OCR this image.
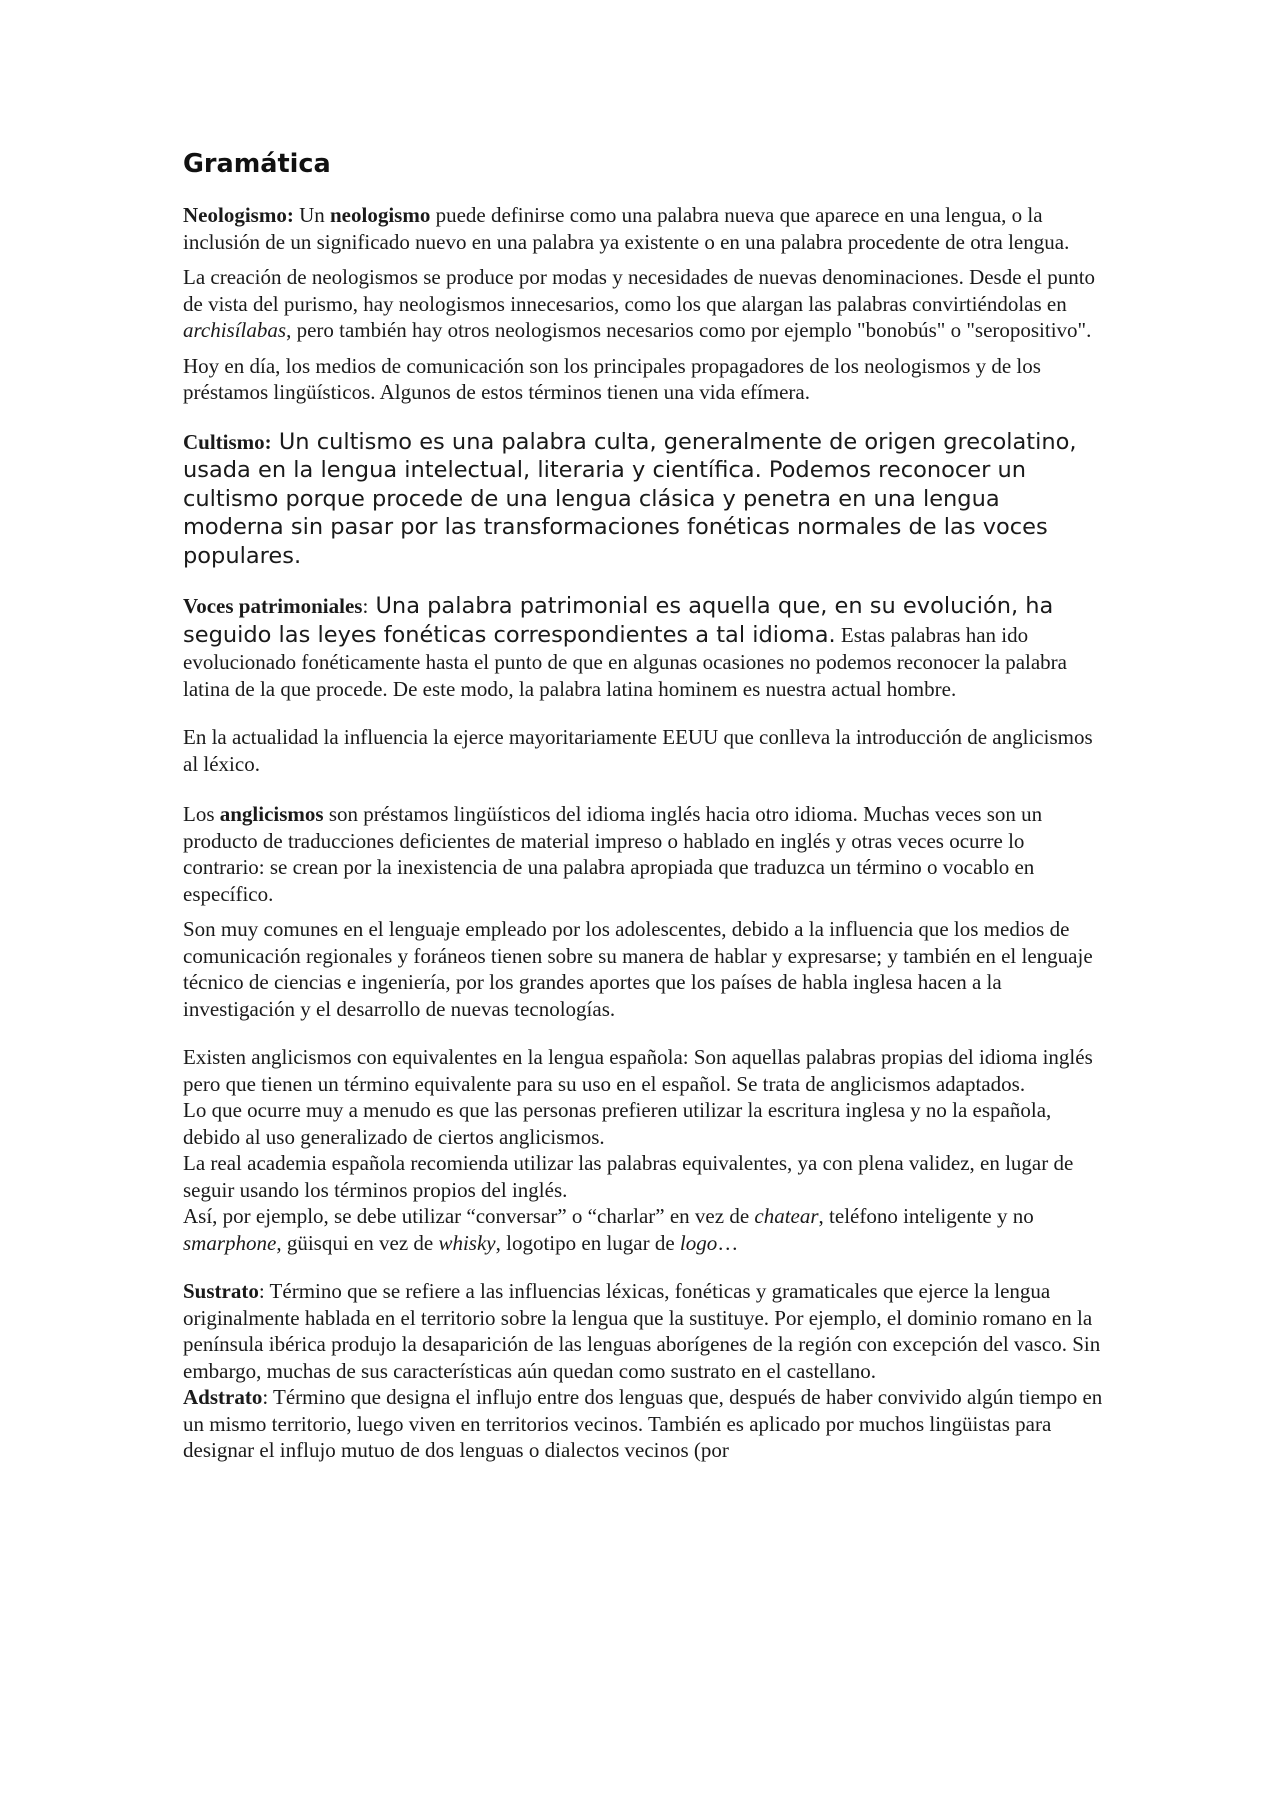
Gramática

Neologismo: Un neologismo puede definirse como una palabra nueva que aparece en una lengua, o la inclusión de un significado nuevo en una palabra ya existente o en una palabra procedente de otra lengua.

La creación de neologismos se produce por modas y necesidades de nuevas denominaciones. Desde el punto de vista del purismo, hay neologismos innecesarios, como los que alargan las palabras convirtiéndolas en archisílabas, pero también hay otros neologismos necesarios como por ejemplo "bonobús" o "seropositivo".

Hoy en día, los medios de comunicación son los principales propagadores de los neologismos y de los préstamos lingüísticos. Algunos de estos términos tienen una vida efímera.

Cultismo: Un cultismo es una palabra culta, generalmente de origen grecolatino, usada en la lengua intelectual, literaria y científica. Podemos reconocer un cultismo porque procede de una lengua clásica y penetra en una lengua moderna sin pasar por las transformaciones fonéticas normales de las voces populares.

Voces patrimoniales: Una palabra patrimonial es aquella que, en su evolución, ha seguido las leyes fonéticas correspondientes a tal idioma. Estas palabras han ido evolucionado fonéticamente hasta el punto de que en algunas ocasiones no podemos reconocer la palabra latina de la que procede. De este modo, la palabra latina hominem es nuestra actual hombre.

En la actualidad la influencia la ejerce mayoritariamente EEUU que conlleva la introducción de anglicismos al léxico.

Los anglicismos son préstamos lingüísticos del idioma inglés hacia otro idioma. Muchas veces son un producto de traducciones deficientes de material impreso o hablado en inglés y otras veces ocurre lo contrario: se crean por la inexistencia de una palabra apropiada que traduzca un término o vocablo en específico.

Son muy comunes en el lenguaje empleado por los adolescentes, debido a la influencia que los medios de comunicación regionales y foráneos tienen sobre su manera de hablar y expresarse; y también en el lenguaje técnico de ciencias e ingeniería, por los grandes aportes que los países de habla inglesa hacen a la investigación y el desarrollo de nuevas tecnologías.

Existen anglicismos con equivalentes en la lengua española: Son aquellas palabras propias del idioma inglés pero que tienen un término equivalente para su uso en el español. Se trata de anglicismos adaptados.

Lo que ocurre muy a menudo es que las personas prefieren utilizar la escritura inglesa y no la española, debido al uso generalizado de ciertos anglicismos.

La real academia española recomienda utilizar las palabras equivalentes, ya con plena validez, en lugar de seguir usando los términos propios del inglés.

Así, por ejemplo, se debe utilizar “conversar” o “charlar” en vez de chatear, teléfono inteligente y no smarphone, güisqui en vez de whisky, logotipo en lugar de logo…

Sustrato: Término que se refiere a las influencias léxicas, fonéticas y gramaticales que ejerce la lengua originalmente hablada en el territorio sobre la lengua que la sustituye. Por ejemplo, el dominio romano en la península ibérica produjo la desaparición de las lenguas aborígenes de la región con excepción del vasco. Sin embargo, muchas de sus características aún quedan como sustrato en el castellano.

Adstrato: Término que designa el influjo entre dos lenguas que, después de haber convivido algún tiempo en un mismo territorio, luego viven en territorios vecinos. También es aplicado por muchos lingüistas para designar el influjo mutuo de dos lenguas o dialectos vecinos (por
